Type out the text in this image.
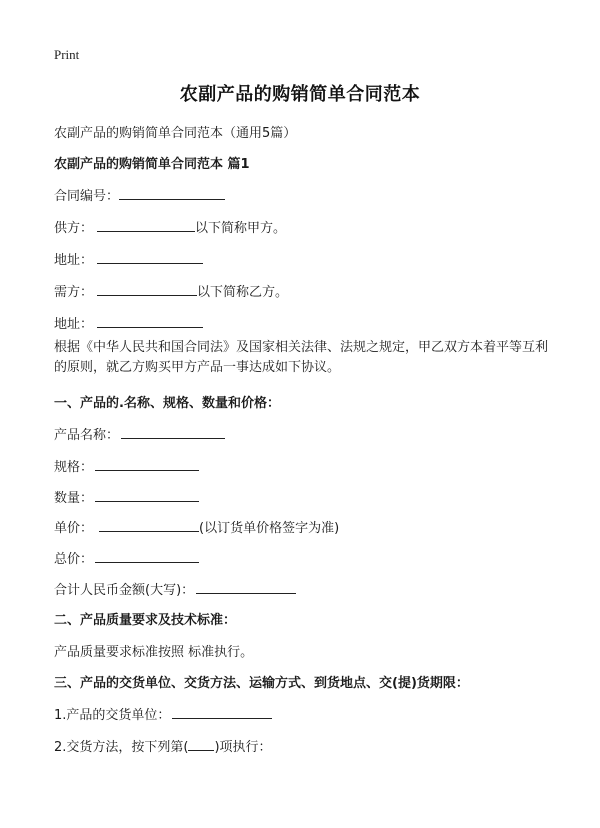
Print
农副产品的购销简单合同范本
农副产品的购销简单合同范本（通用5篇）
农副产品的购销简单合同范本 篇1
合同编号：
供方：	以下简称甲方。
地址：
需方：	以下简称乙方。
地址：
根据《中华人民共和国合同法》及国家相关法律、法规之规定，甲乙双方本着平等互利的原则，就乙方购买甲方产品一事达成如下协议。
一、产品的.名称、规格、数量和价格：
产品名称：
规格：
数量：
单价：	(以订货单价格签字为准)
总价：
合计人民币金额(大写)：
二、产品质量要求及技术标准：
产品质量要求标准按照 标准执行。
三、产品的交货单位、交货方法、运输方式、到货地点、交(提)货期限：
1.产品的交货单位：
2.交货方法，按下列第( )项执行：
